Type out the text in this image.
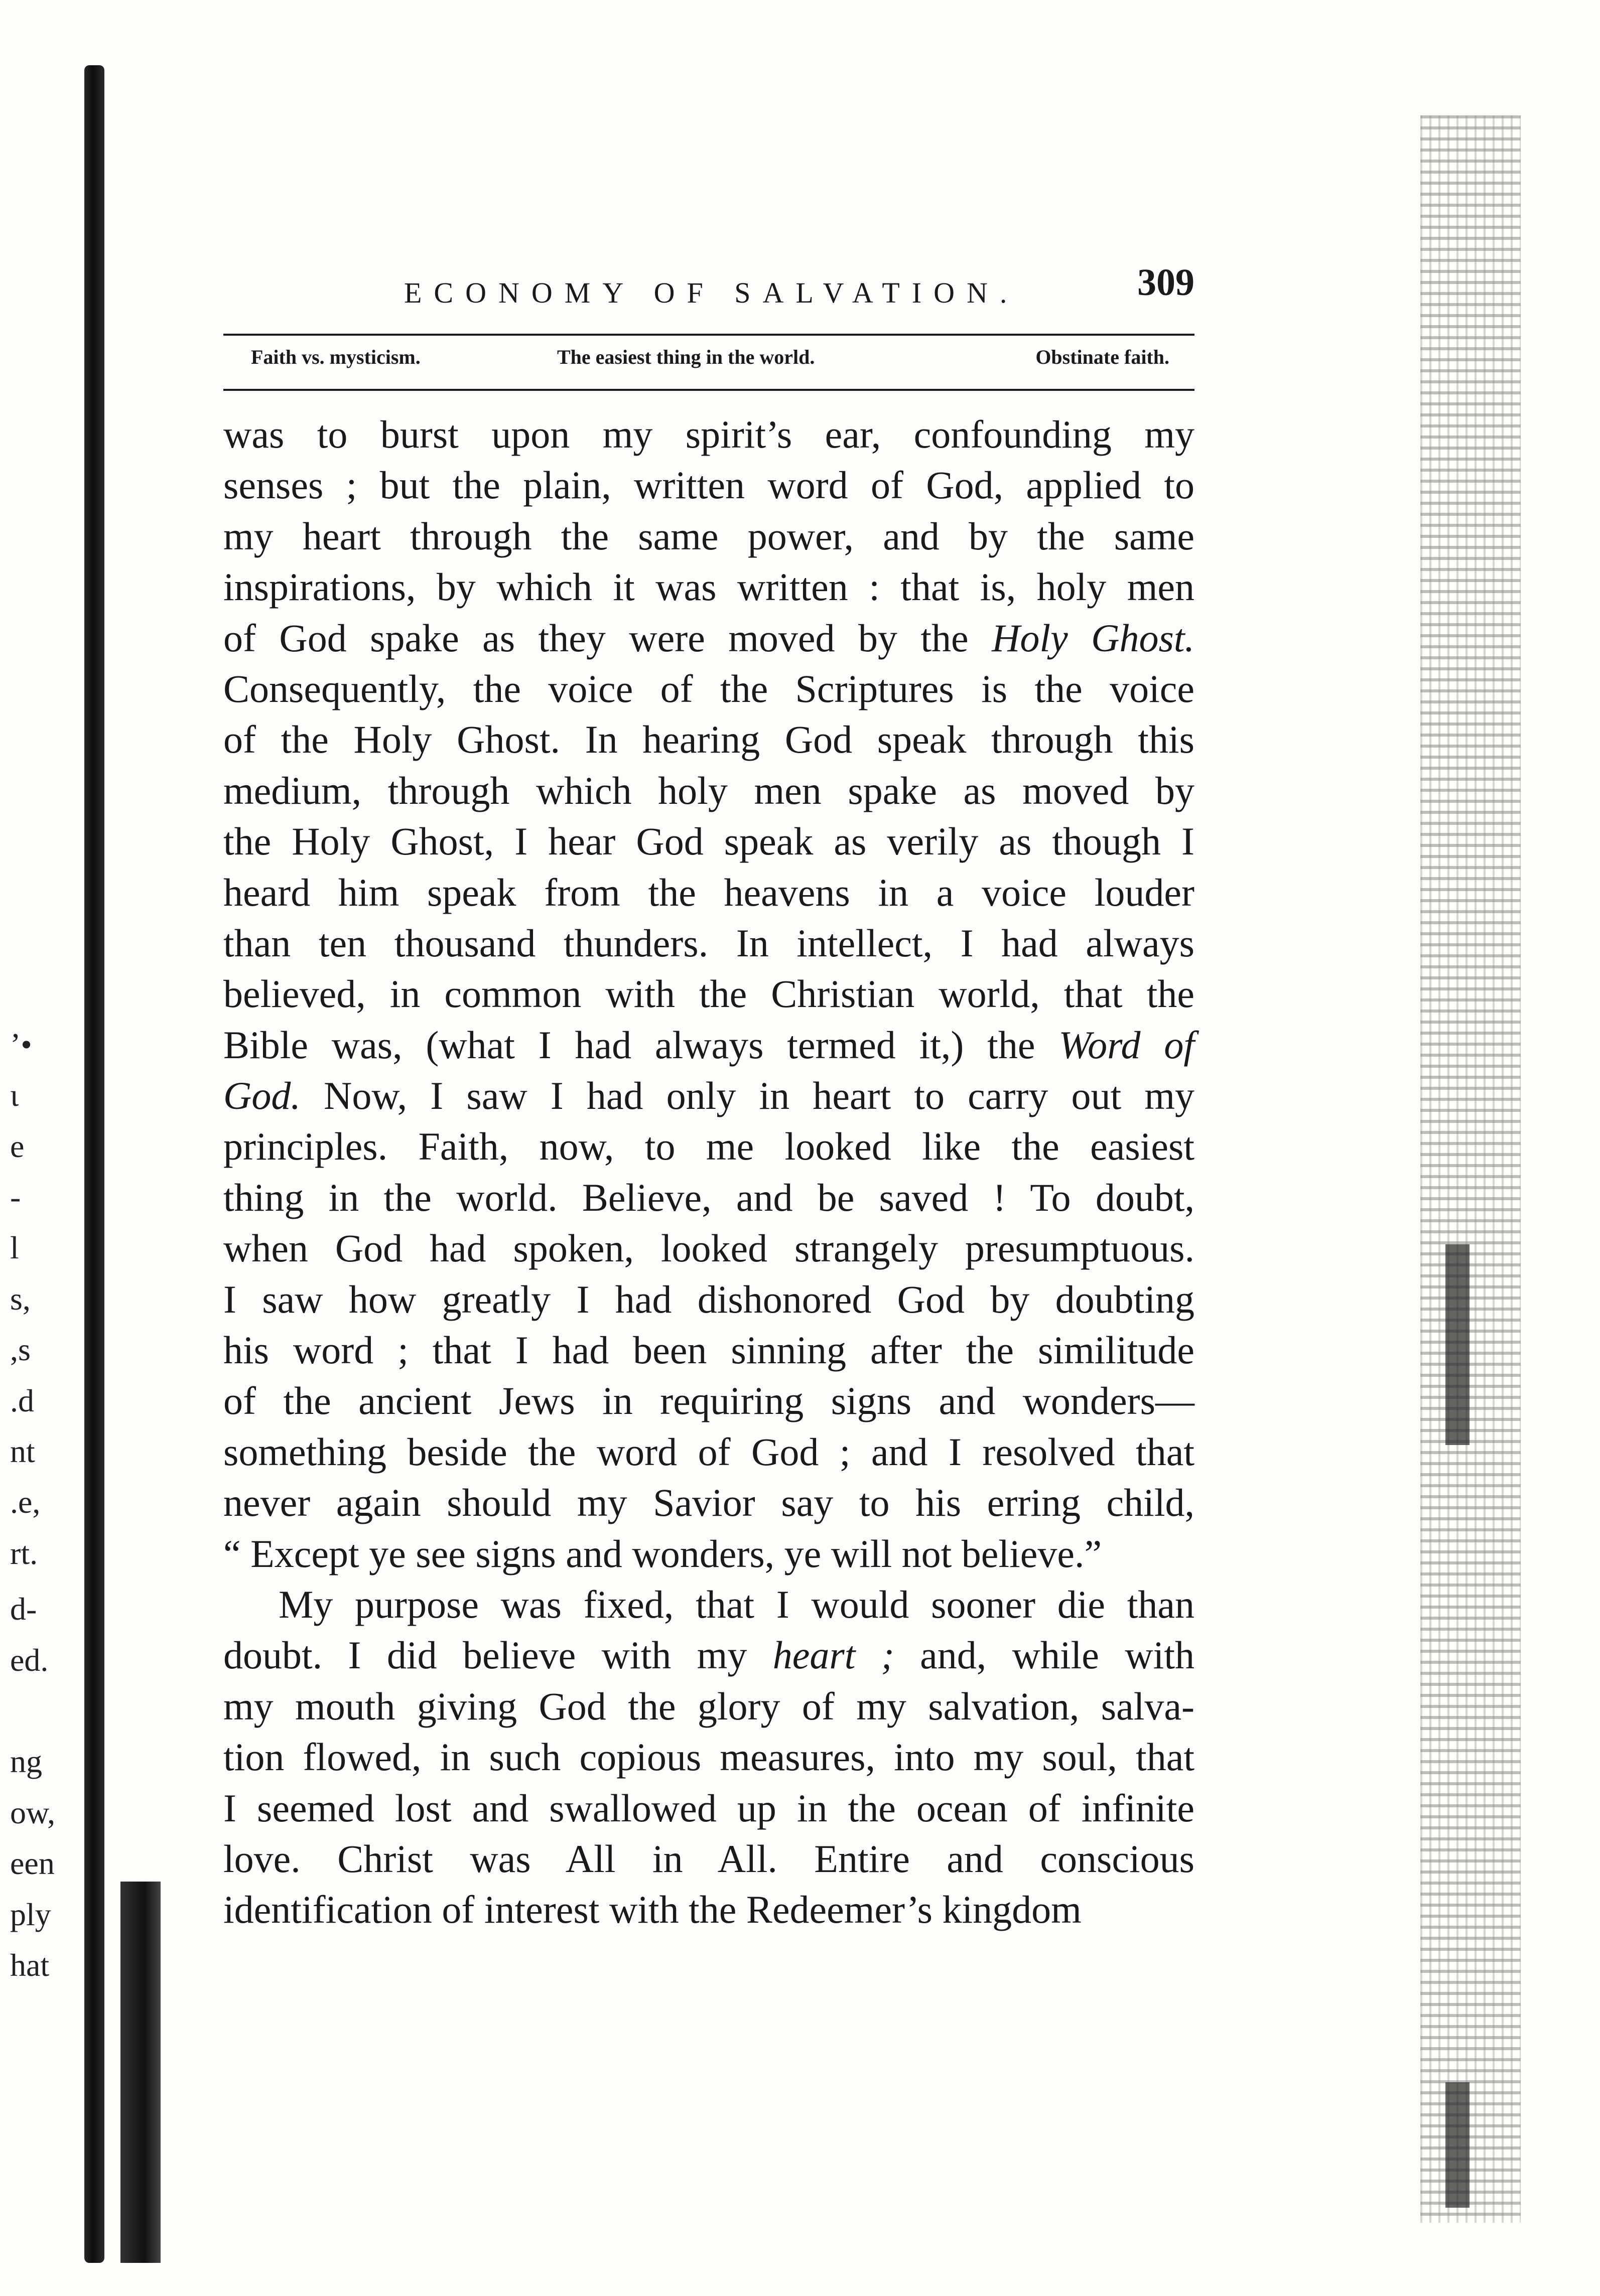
’•
ι
e
-
l
s,
,s
.d
nt
.e,
rt.
d-
ed.
ng
ow,
een
ply
hat
ECONOMY OF SALVATION.	309
Faith vs. mysticism.	The easiest thing in the world.	Obstinate faith.
was to burst upon my spirit’s ear, confounding my
senses ; but the plain, written word of God, applied to
my heart through the same power, and by the same
inspirations, by which it was written : that is, holy men
of God spake as they were moved by the Holy Ghost.
Consequently, the voice of the Scriptures is the voice
of the Holy Ghost. In hearing God speak through this
medium, through which holy men spake as moved by
the Holy Ghost, I hear God speak as verily as though I
heard him speak from the heavens in a voice louder
than ten thousand thunders. In intellect, I had always
believed, in common with the Christian world, that the
Bible was, (what I had always termed it,) the Word of
God. Now, I saw I had only in heart to carry out my
principles. Faith, now, to me looked like the easiest
thing in the world. Believe, and be saved ! To doubt,
when God had spoken, looked strangely presumptuous.
I saw how greatly I had dishonored God by doubting
his word ; that I had been sinning after the similitude
of the ancient Jews in requiring signs and wonders—
something beside the word of God ; and I resolved that
never again should my Savior say to his erring child,
“ Except ye see signs and wonders, ye will not believe.”
My purpose was fixed, that I would sooner die than
doubt. I did believe with my heart ; and, while with
my mouth giving God the glory of my salvation, salva-
tion flowed, in such copious measures, into my soul, that
I seemed lost and swallowed up in the ocean of infinite
love. Christ was All in All. Entire and conscious
identification of interest with the Redeemer’s kingdom
